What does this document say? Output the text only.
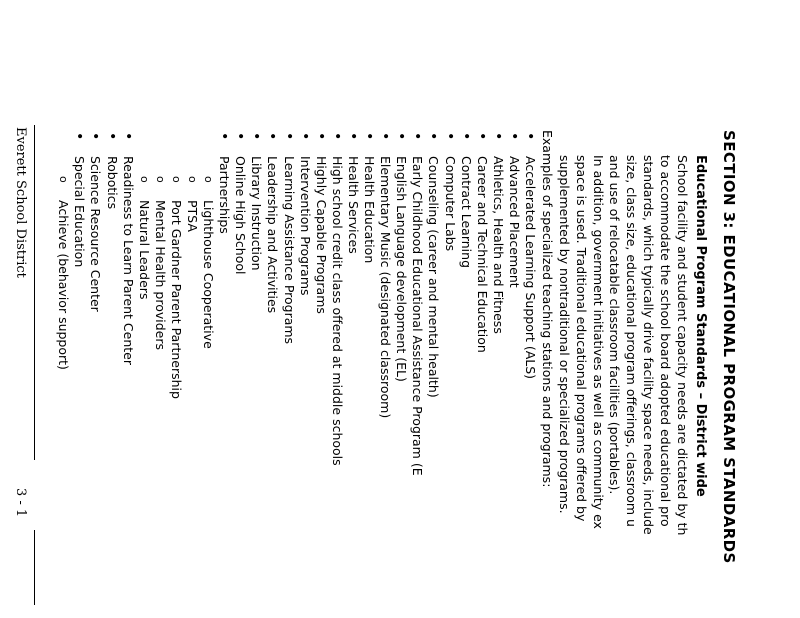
SECTION 3: EDUCATIONAL PROGRAM STANDARDS
Educational Program Standards – District wide
School facility and student capacity needs are dictated by th
to accommodate the school board adopted educational pro
standards, which typically drive facility space needs, include
size, class size, educational program offerings, classroom u
and use of relocatable classroom facilities (portables).
In addition, government initiatives as well as community ex
space is used. Traditional educational programs offered by
supplemented by nontraditional or specialized programs.
Examples of specialized teaching stations and programs:
• Accelerated Learning Support (ALS)
• Advanced Placement
• Athletics, Health and Fitness
• Career and Technical Education
• Contract Learning
• Computer Labs
• Counseling (career and mental health)
• Early Childhood Educational Assistance Program (E
• English Language development (EL)
• Elementary Music (designated classroom)
• Health Education
• Health Services
• High school credit class offered at middle schools
• Highly Capable Programs
• Intervention Programs
• Learning Assistance Programs
• Leadership and Activities
• Library Instruction
• Online High School
• Partnerships
o Lighthouse Cooperative
o PTSA
o Port Gardner Parent Partnership
o Mental Health providers
o Natural Leaders
• Readiness to Learn Parent Center
• Robotics
• Science Resource Center
• Special Education
o Achieve (behavior support)
Everett School District
3 - 1
